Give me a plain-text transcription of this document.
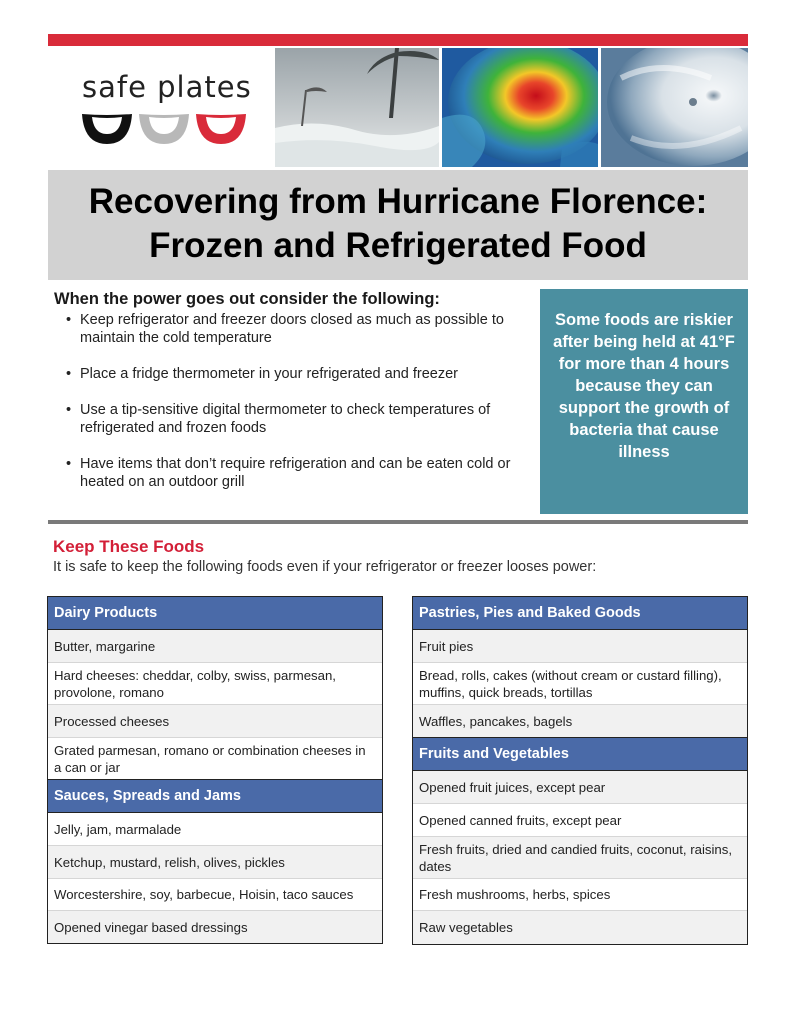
safe plates
Recovering from Hurricane Florence:
Frozen and Refrigerated Food
When the power goes out consider the following:
• Keep refrigerator and freezer doors closed as much as possible to maintain the cold temperature
• Place a fridge thermometer in your refrigerated and freezer
• Use a tip-sensitive digital thermometer to check temperatures of refrigerated and frozen foods
• Have items that don’t require refrigeration and can be eaten cold or heated on an outdoor grill
Some foods are riskier after being held at 41°F for more than 4 hours because they can support the growth of bacteria that cause illness
Keep These Foods
It is safe to keep the following foods even if your refrigerator or freezer looses power:
Dairy Products
Butter, margarine
Hard cheeses: cheddar, colby, swiss, parmesan, provolone, romano
Processed cheeses
Grated parmesan, romano or combination cheeses in a can or jar
Sauces, Spreads and Jams
Jelly, jam, marmalade
Ketchup, mustard, relish, olives, pickles
Worcestershire, soy, barbecue, Hoisin, taco sauces
Opened vinegar based dressings
Pastries, Pies and Baked Goods
Fruit pies
Bread, rolls, cakes (without cream or custard filling), muffins, quick breads, tortillas
Waffles, pancakes, bagels
Fruits and Vegetables
Opened fruit juices, except pear
Opened canned fruits, except pear
Fresh fruits, dried and candied fruits, coconut, raisins, dates
Fresh mushrooms, herbs, spices
Raw vegetables
